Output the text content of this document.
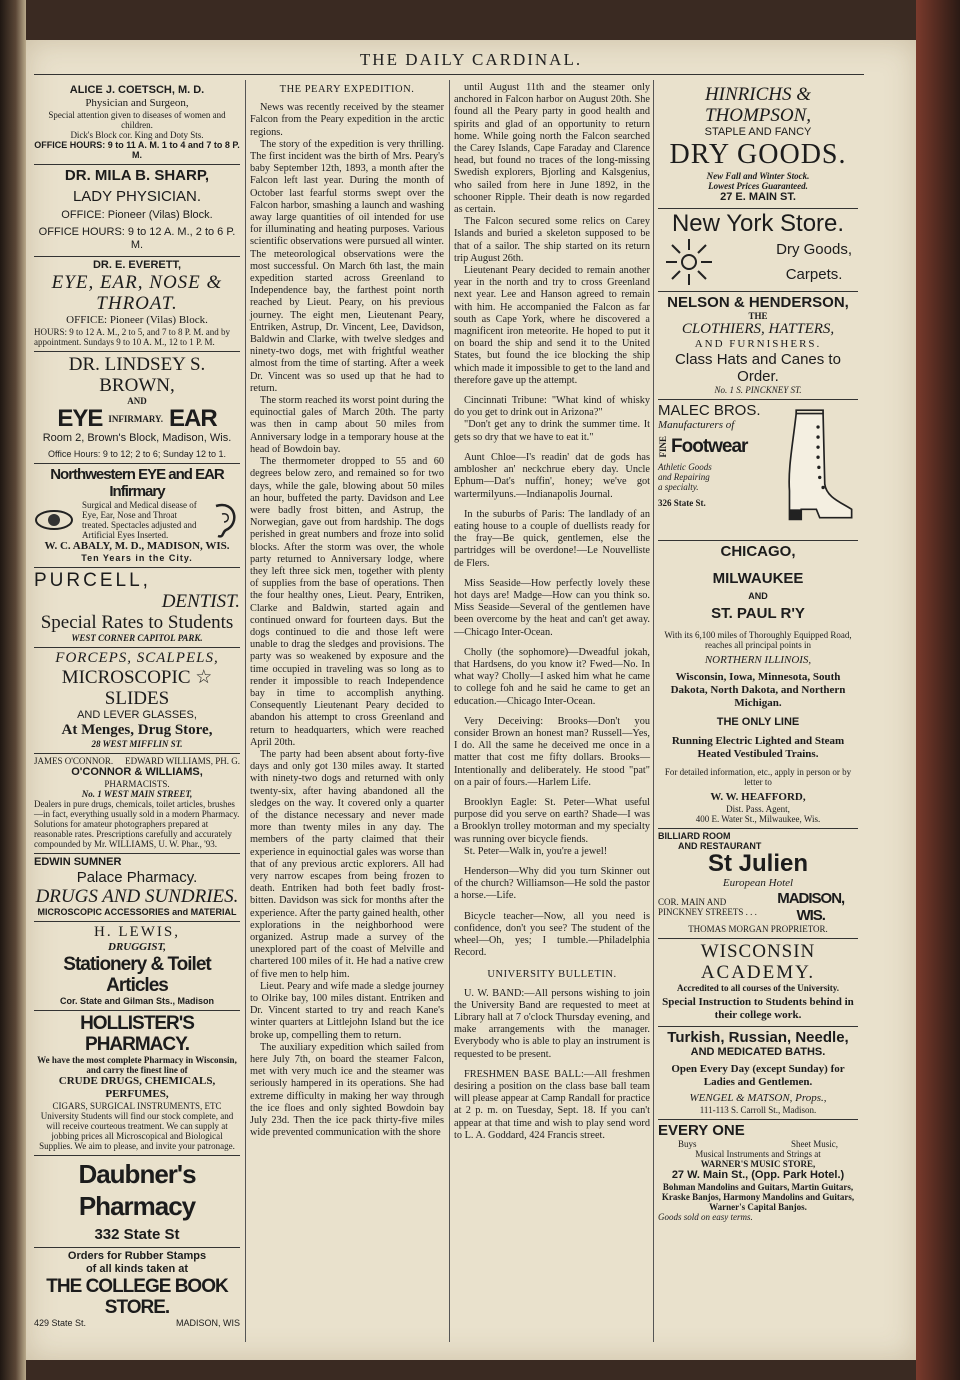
THE DAILY CARDINAL.
ALICE J. COETSCH, M. D.
Physician and Surgeon,
Special attention given to diseases of women and children.
Dick's Block cor. King and Doty Sts.
OFFICE HOURS: 9 to 11 A. M. 1 to 4 and 7 to 8 P. M.
DR. MILA B. SHARP,
LADY PHYSICIAN.
OFFICE: Pioneer (Vilas) Block.
OFFICE HOURS: 9 to 12 A. M., 2 to 6 P. M.
DR. E. EVERETT,
EYE, EAR, NOSE & THROAT.
OFFICE: Pioneer (Vilas) Block.
HOURS: 9 to 12 A. M., 2 to 5, and 7 to 8 P. M. and by appointment. Sundays 9 to 10 A. M., 12 to 1 P. M.
DR. LINDSEY S. BROWN,
AND
EYE INFIRMARY. EAR
Room 2, Brown's Block, Madison, Wis.
Office Hours: 9 to 12; 2 to 6; Sunday 12 to 1.
Northwestern EYE and EAR Infirmary
Surgical and Medical disease of Eye, Ear, Nose and Throat treated. Spectacles adjusted and Artificial Eyes Inserted.
W. C. ABALY, M. D., MADISON, WIS.
Ten Years in the City.
PURCELL,
DENTIST.
Special Rates to Students
WEST CORNER CAPITOL PARK.
FORCEPS, SCALPELS,
MICROSCOPIC ☆ SLIDES
AND LEVER GLASSES,
At Menges, Drug Store,
28 WEST MIFFLIN ST.
JAMES O'CONNOR. EDWARD WILLIAMS, PH. G.
O'CONNOR & WILLIAMS,
PHARMACISTS.
No. 1 WEST MAIN STREET,
Dealers in pure drugs, chemicals, toilet articles, brushes—in fact, everything usually sold in a modern Pharmacy. Solutions for amateur photographers prepared at reasonable rates. Prescriptions carefully and accurately compounded by Mr. WILLIAMS, U. W. Phar., '93.
EDWIN SUMNER
Palace Pharmacy.
DRUGS AND SUNDRIES.
MICROSCOPIC ACCESSORIES and MATERIAL
H. LEWIS,
DRUGGIST,
Stationery & Toilet Articles
Cor. State and Gilman Sts., Madison
HOLLISTER'S PHARMACY.
We have the most complete Pharmacy in Wisconsin, and carry the finest line of
CRUDE DRUGS, CHEMICALS, PERFUMES,
CIGARS, SURGICAL INSTRUMENTS, ETC
University Students will find our stock complete, and will receive courteous treatment. We can supply at jobbing prices all Microscopical and Biological Supplies. We aim to please, and invite your patronage.
Daubner's Pharmacy
332 State St
Orders for Rubber Stamps
of all kinds taken at
THE COLLEGE BOOK STORE.
429 State St.	MADISON, WIS

THE PEARY EXPEDITION.

News was recently received by the steamer Falcon from the Peary expedition in the arctic regions.

The story of the expedition is very thrilling. The first incident was the birth of Mrs. Peary's baby September 12th, 1893, a month after the Falcon left last year. During the month of October last fearful storms swept over the Falcon harbor, smashing a launch and washing away large quantities of oil intended for use for illuminating and heating purposes. Various scientific observations were pursued all winter. The meteorological observations were the most successful. On March 6th last, the main expedition started across Greenland to Independence bay, the farthest point north reached by Lieut. Peary, on his previous journey. The eight men, Lieutenant Peary, Entriken, Astrup, Dr. Vincent, Lee, Davidson, Baldwin and Clarke, with twelve sledges and ninety-two dogs, met with frightful weather almost from the time of starting. After a week Dr. Vincent was so used up that he had to return.

The storm reached its worst point during the equinoctial gales of March 20th. The party was then in camp about 50 miles from Anniversary lodge in a temporary house at the head of Bowdoin bay.

The thermometer dropped to 55 and 60 degrees below zero, and remained so for two days, while the gale, blowing about 50 miles an hour, buffeted the party. Davidson and Lee were badly frost bitten, and Astrup, the Norwegian, gave out from hardship. The dogs perished in great numbers and froze into solid blocks. After the storm was over, the whole party returned to Anniversary lodge, where they left three sick men, together with plenty of supplies from the base of operations. Then the four healthy ones, Lieut. Peary, Entriken, Clarke and Baldwin, started again and continued onward for fourteen days. But the dogs continued to die and those left were unable to drag the sledges and provisions. The party was so weakened by exposure and the time occupied in traveling was so long as to render it impossible to reach Independence bay in time to accomplish anything. Consequently Lieutenant Peary decided to abandon his attempt to cross Greenland and return to headquarters, which were reached April 20th.

The party had been absent about forty-five days and only got 130 miles away. It started with ninety-two dogs and returned with only twenty-six, after having abandoned all the sledges on the way. It covered only a quarter of the distance necessary and never made more than twenty miles in any day. The members of the party claimed that their experience in equinoctial gales was worse than that of any previous arctic explorers. All had very narrow escapes from being frozen to death. Entriken had both feet badly frost-bitten. Davidson was sick for months after the experience. After the party gained health, other explorations in the neighborhood were organized. Astrup made a survey of the unexplored part of the coast of Melville and chartered 100 miles of it. He had a native crew of five men to help him.

Lieut. Peary and wife made a sledge journey to Olrike bay, 100 miles distant. Entriken and Dr. Vincent started to try and reach Kane's winter quarters at Littlejohn Island but the ice broke up, compelling them to return.

The auxiliary expedition which sailed from here July 7th, on board the steamer Falcon, met with very much ice and the steamer was seriously hampered in its operations. She had extreme difficulty in making her way through the ice floes and only sighted Bowdoin bay July 23d. Then the ice pack thirty-five miles wide prevented communication with the shore

until August 11th and the steamer only anchored in Falcon harbor on August 20th. She found all the Peary party in good health and spirits and glad of an opportunity to return home. While going north the Falcon searched the Carey Islands, Cape Faraday and Clarence head, but found no traces of the long-missing Swedish explorers, Bjorling and Kalsgenius, who sailed from here in June 1892, in the schooner Ripple. Their death is now regarded as certain.

The Falcon secured some relics on Carey Islands and buried a skeleton supposed to be that of a sailor. The ship started on its return trip August 26th.

Lieutenant Peary decided to remain another year in the north and try to cross Greenland next year. Lee and Hanson agreed to remain with him. He accompanied the Falcon as far south as Cape York, where he discovered a magnificent iron meteorite. He hoped to put it on board the ship and send it to the United States, but found the ice blocking the ship which made it impossible to get to the land and therefore gave up the attempt.

Cincinnati Tribune: "What kind of whisky do you get to drink out in Arizona?"

"Don't get any to drink the summer time. It gets so dry that we have to eat it."

Aunt Chloe—I's readin' dat de gods has amblosher an' neckchrue ebery day. Uncle Ephum—Dat's nuffin', honey; we've got wartermilyuns.—Indianapolis Journal.

In the suburbs of Paris: The landlady of an eating house to a couple of duellists ready for the fray—Be quick, gentlemen, else the partridges will be overdone!—Le Nouvelliste de Flers.

Miss Seaside—How perfectly lovely these hot days are! Madge—How can you think so. Miss Seaside—Several of the gentlemen have been overcome by the heat and can't get away.—Chicago Inter-Ocean.

Cholly (the sophomore)—Dweadful jokah, that Hardsens, do you know it? Fwed—No. In what way? Cholly—I asked him what he came to college foh and he said he came to get an education.—Chicago Inter-Ocean.

Very Deceiving: Brooks—Don't you consider Brown an honest man? Russell—Yes, I do. All the same he deceived me once in a matter that cost me fifty dollars. Brooks—Intentionally and deliberately. He stood "pat" on a pair of fours.—Harlem Life.

Brooklyn Eagle: St. Peter—What useful purpose did you serve on earth? Shade—I was a Brooklyn trolley motorman and my specialty was running over bicycle fiends.

St. Peter—Walk in, you're a jewel!

Henderson—Why did you turn Skinner out of the church? Williamson—He sold the pastor a horse.—Life.

Bicycle teacher—Now, all you need is confidence, don't you see? The student of the wheel—Oh, yes; I tumble.—Philadelphia Record.

UNIVERSITY BULLETIN.

U. W. BAND:—All persons wishing to join the University Band are requested to meet at Library hall at 7 o'clock Thursday evening, and make arrangements with the manager. Everybody who is able to play an instrument is requested to be present.

FRESHMEN BASE BALL:—All freshmen desiring a position on the class base ball team will please appear at Camp Randall for practice at 2 p. m. on Tuesday, Sept. 18. If you can't appear at that time and wish to play send word to L. A. Goddard, 424 Francis street.

HINRICHS & THOMPSON,
STAPLE AND FANCY
DRY GOODS.
New Fall and Winter Stock.
Lowest Prices Guaranteed.
27 E. MAIN ST.
New York Store.
Dry Goods,
Carpets.
NELSON & HENDERSON,
THE
CLOTHIERS, HATTERS,
AND FURNISHERS.
Class Hats and Canes to Order.
No. 1 S. PINCKNEY ST.
MALEC BROS.
Manufacturers of
FINE Footwear
Athletic Goods
and Repairing
a specialty.
326 State St.
CHICAGO,
MILWAUKEE
AND
ST. PAUL R'Y
With its 6,100 miles of Thoroughly Equipped Road, reaches all principal points in
NORTHERN ILLINOIS,
Wisconsin, Iowa, Minnesota, South Dakota, North Dakota, and Northern Michigan.
THE ONLY LINE
Running Electric Lighted and Steam Heated Vestibuled Trains.
For detailed information, etc., apply in person or by letter to
W. W. HEAFFORD,
Dist. Pass. Agent,
400 E. Water St., Milwaukee, Wis.
BILLIARD ROOM
AND RESTAURANT
St Julien
European Hotel
COR. MAIN AND PINCKNEY STREETS . . .
MADISON, WIS.
THOMAS MORGAN PROPRIETOR.
WISCONSIN
ACADEMY.
Accredited to all courses of the University.
Special Instruction to Students behind in their college work.
Turkish, Russian, Needle,
AND MEDICATED BATHS.
Open Every Day (except Sunday) for Ladies and Gentlemen.
WENGEL & MATSON, Props.,
111-113 S. Carroll St., Madison.
EVERY ONE
Buys	Sheet Music,
Musical Instruments and Strings at
WARNER'S MUSIC STORE,
27 W. Main St., (Opp. Park Hotel.)
Bohman Mandolins and Guitars, Martin Guitars, Kraske Banjos, Harmony Mandolins and Guitars, Warner's Capital Banjos.
Goods sold on easy terms.
